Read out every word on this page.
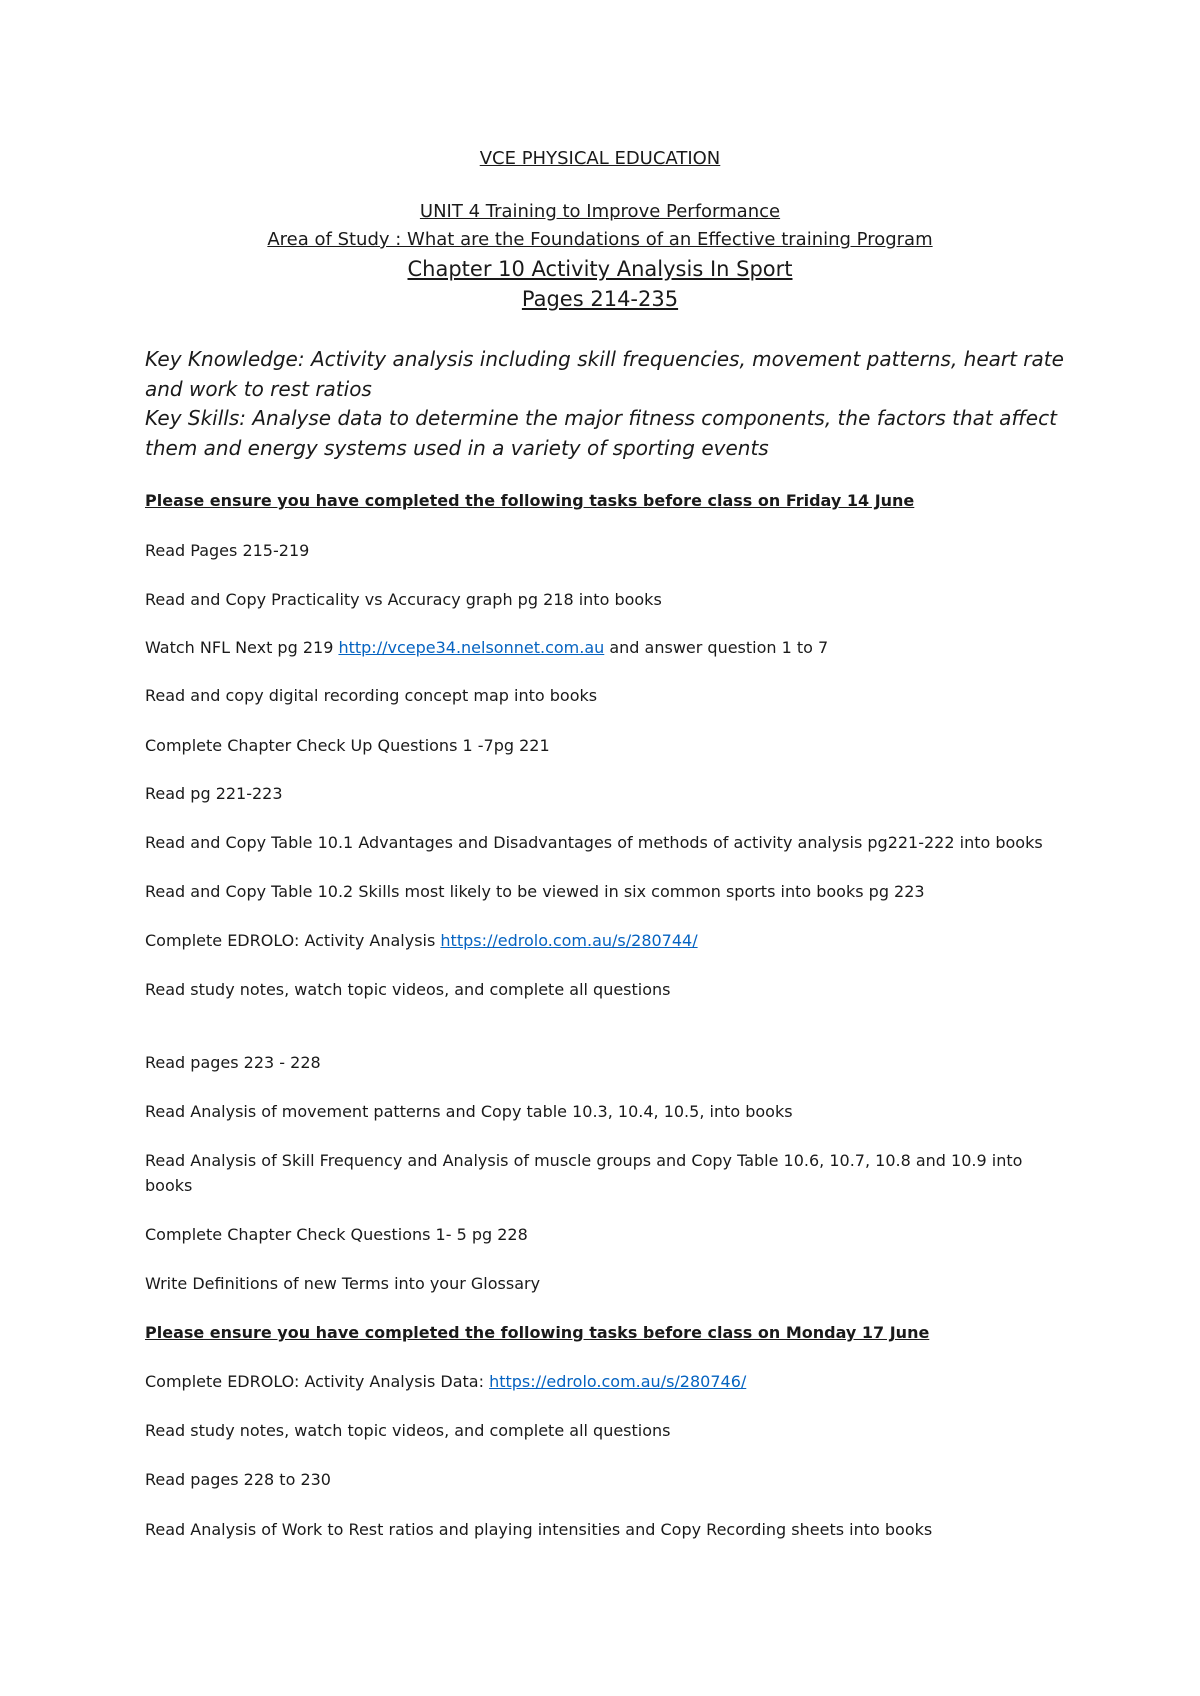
VCE PHYSICAL EDUCATION
UNIT 4 Training to Improve Performance
Area of Study : What are the Foundations of an Effective training Program
Chapter 10 Activity Analysis In Sport
Pages 214-235
Key Knowledge: Activity analysis including skill frequencies, movement patterns, heart rate
and work to rest ratios
Key Skills: Analyse data to determine the major fitness components, the factors that affect
them and energy systems used in a variety of sporting events
Please ensure you have completed the following tasks before class on Friday 14 June
Read Pages 215-219
Read and Copy Practicality vs Accuracy graph pg 218 into books
Watch NFL Next pg 219 http://vcepe34.nelsonnet.com.au and answer question 1 to 7
Read and copy digital recording concept map into books
Complete Chapter Check Up Questions 1 -7pg 221
Read pg 221-223
Read and Copy Table 10.1 Advantages and Disadvantages of methods of activity analysis pg221-222 into books
Read and Copy Table 10.2 Skills most likely to be viewed in six common sports into books pg 223
Complete EDROLO: Activity Analysis https://edrolo.com.au/s/280744/
Read study notes, watch topic videos, and complete all questions
Read pages 223 - 228
Read Analysis of movement patterns and Copy table 10.3, 10.4, 10.5, into books
Read Analysis of Skill Frequency and Analysis of muscle groups and Copy Table 10.6, 10.7, 10.8 and 10.9 into
books
Complete Chapter Check Questions 1- 5 pg 228
Write Definitions of new Terms into your Glossary
Please ensure you have completed the following tasks before class on Monday 17 June
Complete EDROLO: Activity Analysis Data: https://edrolo.com.au/s/280746/
Read study notes, watch topic videos, and complete all questions
Read pages 228 to 230
Read Analysis of Work to Rest ratios and playing intensities and Copy Recording sheets into books
